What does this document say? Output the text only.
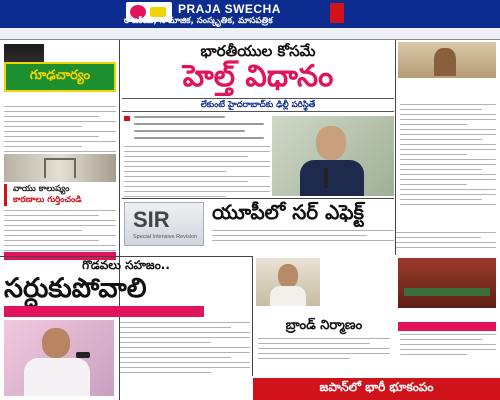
PRAJA SWECHA
రాజకీయ, సామాజిక, సంస్కృతిక, మాసపత్రిక
గూఢచార్యం
వాయు కాలుష్యం
కారణాలు గుర్తించండి
భారతీయుల కోసమే
హెల్త్ విధానం
లేకుంటే హైదరాబాద్‌కు ఢిల్లీ పరిస్థితే
SIR
Special Intensive Revision
యూపీలో సర్ ఎఫెక్ట్
గొడవలు సహజం..
సర్దుకుపోవాలి
బ్రాండ్ నిర్మాణం
జపాన్‌లో భారీ భూకంపం
